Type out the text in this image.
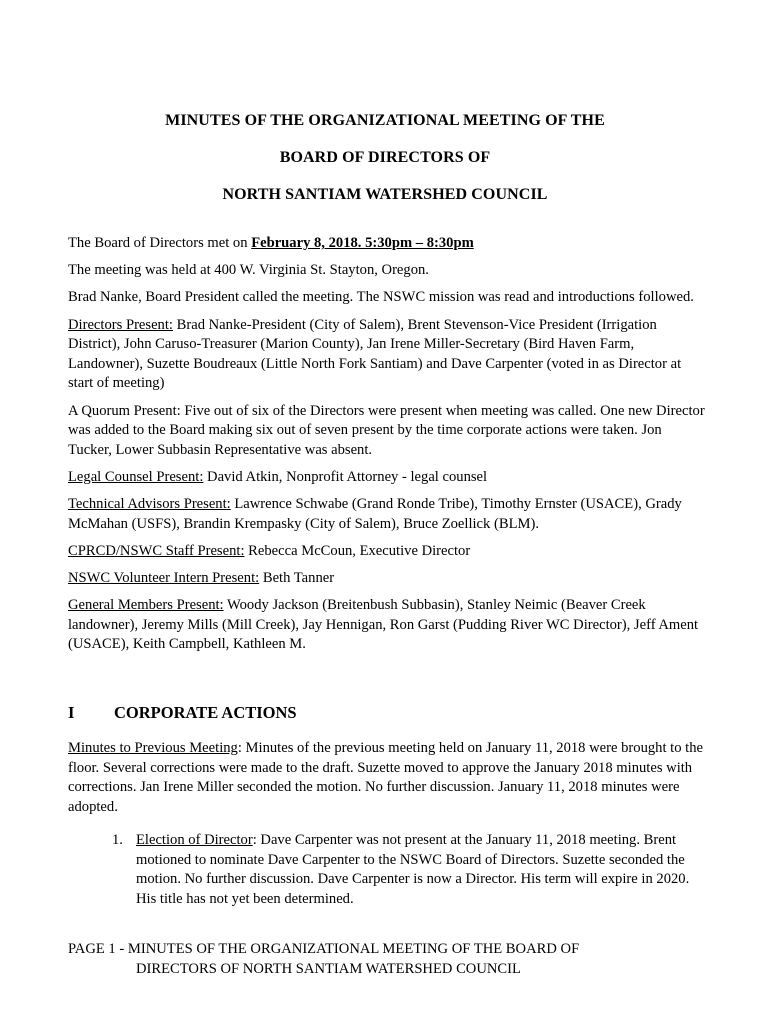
MINUTES OF THE ORGANIZATIONAL MEETING OF THE
BOARD OF DIRECTORS OF
NORTH SANTIAM WATERSHED COUNCIL

The Board of Directors met on February 8, 2018. 5:30pm – 8:30pm

The meeting was held at 400 W. Virginia St. Stayton, Oregon.

Brad Nanke, Board President called the meeting. The NSWC mission was read and introductions followed.

Directors Present: Brad Nanke-President (City of Salem), Brent Stevenson-Vice President (Irrigation District), John Caruso-Treasurer (Marion County), Jan Irene Miller-Secretary (Bird Haven Farm, Landowner), Suzette Boudreaux (Little North Fork Santiam) and Dave Carpenter (voted in as Director at start of meeting)

A Quorum Present: Five out of six of the Directors were present when meeting was called. One new Director was added to the Board making six out of seven present by the time corporate actions were taken. Jon Tucker, Lower Subbasin Representative was absent.

Legal Counsel Present: David Atkin, Nonprofit Attorney - legal counsel

Technical Advisors Present: Lawrence Schwabe (Grand Ronde Tribe), Timothy Ernster (USACE), Grady McMahan (USFS), Brandin Krempasky (City of Salem), Bruce Zoellick (BLM).

CPRCD/NSWC Staff Present: Rebecca McCoun, Executive Director

NSWC Volunteer Intern Present: Beth Tanner

General Members Present: Woody Jackson (Breitenbush Subbasin), Stanley Neimic (Beaver Creek landowner), Jeremy Mills (Mill Creek), Jay Hennigan, Ron Garst (Pudding River WC Director), Jeff Ament (USACE), Keith Campbell, Kathleen M.

I CORPORATE ACTIONS
Minutes to Previous Meeting: Minutes of the previous meeting held on January 11, 2018 were brought to the floor. Several corrections were made to the draft. Suzette moved to approve the January 2018 minutes with corrections. Jan Irene Miller seconded the motion. No further discussion. January 11, 2018 minutes were adopted.
1. Election of Director: Dave Carpenter was not present at the January 11, 2018 meeting. Brent motioned to nominate Dave Carpenter to the NSWC Board of Directors. Suzette seconded the motion. No further discussion. Dave Carpenter is now a Director. His term will expire in 2020. His title has not yet been determined.
PAGE 1 - MINUTES OF THE ORGANIZATIONAL MEETING OF THE BOARD OF
DIRECTORS OF NORTH SANTIAM WATERSHED COUNCIL
